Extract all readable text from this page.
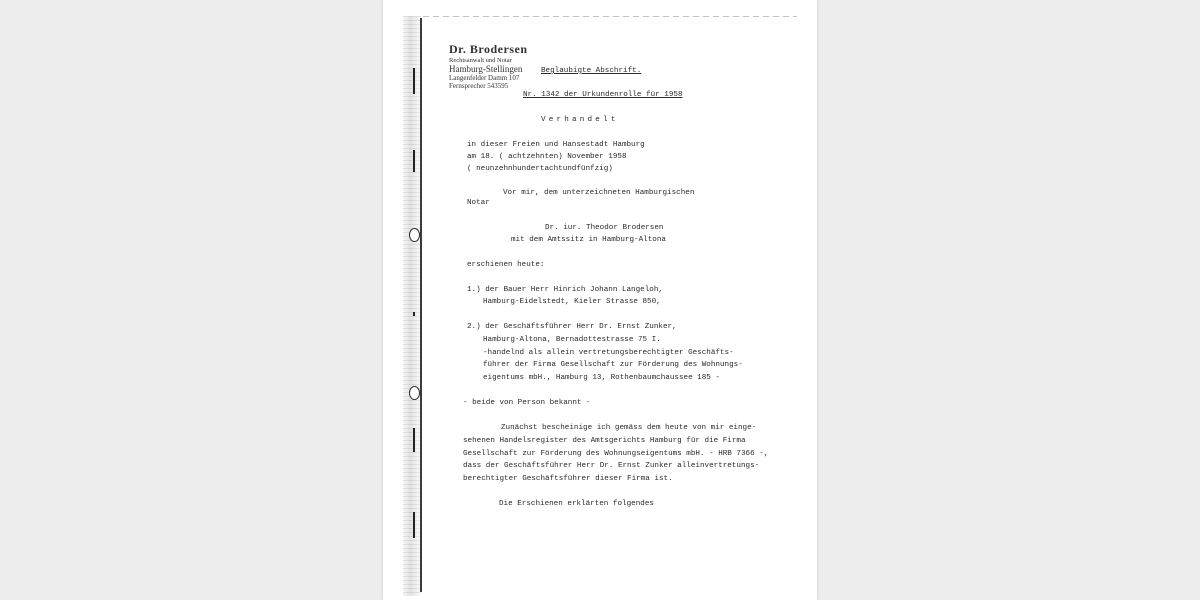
Dr. Brodersen
Rechtsanwalt und Notar
Hamburg-Stellingen
Langenfelder Damm 107
Fernsprecher 543595
Beglaubigte Abschrift.
Nr. 1342 der Urkundenrolle für 1958
Verhandelt
in dieser Freien und Hansestadt Hamburg
am 18. ( achtzehnten) November 1958
( neunzehnhundertachtundfünfzig)
Vor mir, dem unterzeichneten Hamburgischen
Notar
Dr. iur. Theodor Brodersen
mit dem Amtssitz in Hamburg-Altona
erschienen heute:
1.) der Bauer Herr Hinrich Johann Langeloh,
Hamburg-Eidelstedt, Kieler Strasse 850,
2.) der Geschäftsführer Herr Dr. Ernst Zunker,
Hamburg-Altona, Bernadottestrasse 75 I.
-handelnd als allein vertretungsberechtigter Geschäfts-
führer der Firma Gesellschaft zur Förderung des Wohnungs-
eigentums mbH., Hamburg 13, Rothenbaumchaussee 185 -
- beide von Person bekannt -
Zunächst bescheinige ich gemäss dem heute von mir einge-
sehenen Handelsregister des Amtsgerichts Hamburg für die Firma
Gesellschaft zur Förderung des Wohnungseigentums mbH. - HRB 7366 -,
dass der Geschäftsführer Herr Dr. Ernst Zunker alleinvertretungs-
berechtigter Geschäftsführer dieser Firma ist.
Die Erschienen erklärten folgendes
